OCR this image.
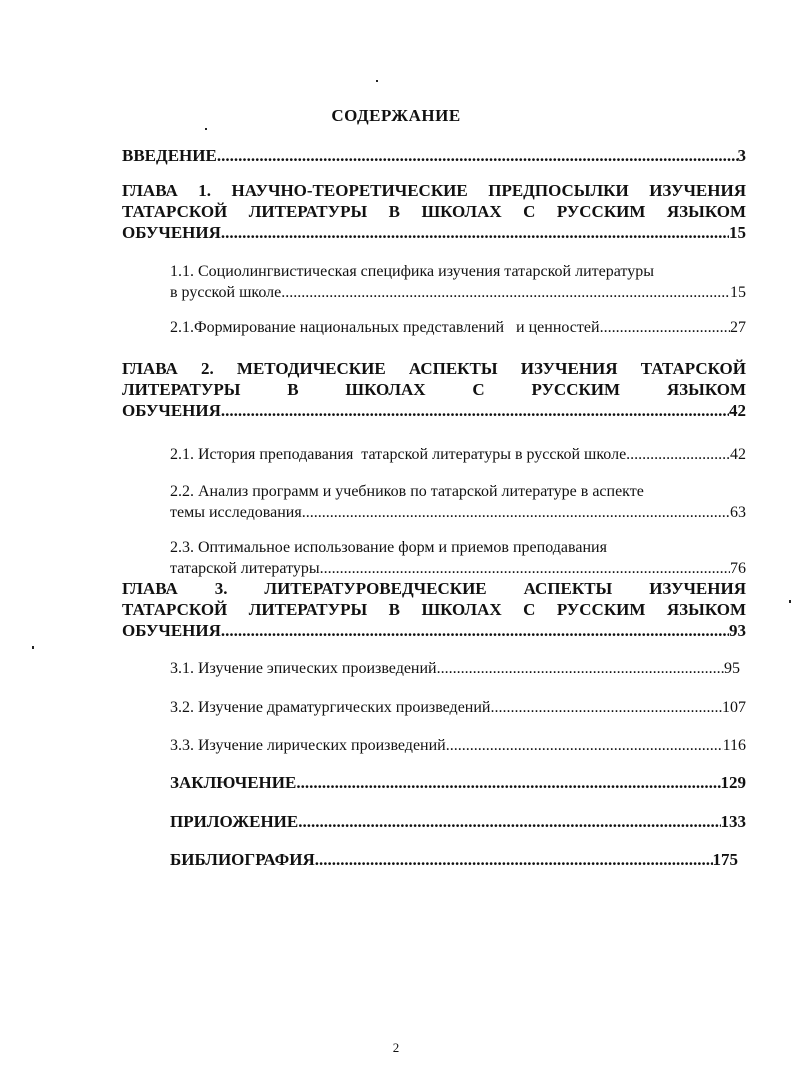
СОДЕРЖАНИЕ
ВВЕДЕНИЕ .....	3
ГЛАВА 1. НАУЧНО-ТЕОРЕТИЧЕСКИЕ ПРЕДПОСЫЛКИ ИЗУЧЕНИЯ
ТАТАРСКОЙ ЛИТЕРАТУРЫ В ШКОЛАХ С РУССКИМ ЯЗЫКОМ
ОБУЧЕНИЯ .....	15
1.1. Социолингвистическая специфика изучения татарской литературы
в русской школе .....	15
2.1.Формирование национальных представлений   и ценностей .....	27
ГЛАВА 2. МЕТОДИЧЕСКИЕ АСПЕКТЫ ИЗУЧЕНИЯ ТАТАРСКОЙ
ЛИТЕРАТУРЫ В ШКОЛАХ С РУССКИМ ЯЗЫКОМ
ОБУЧЕНИЯ .....	42
2.1. История преподавания  татарской литературы в русской школе .....	42
2.2. Анализ программ и учебников по татарской литературе в аспекте
темы исследования .....	63
2.3. Оптимальное использование форм и приемов преподавания
татарской литературы .....	76
ГЛАВА 3. ЛИТЕРАТУРОВЕДЧЕСКИЕ АСПЕКТЫ ИЗУЧЕНИЯ
ТАТАРСКОЙ ЛИТЕРАТУРЫ В ШКОЛАХ С РУССКИМ ЯЗЫКОМ
ОБУЧЕНИЯ .....	93
3.1. Изучение эпических произведений .....	95
3.2. Изучение драматургических произведений .....	107
3.3. Изучение лирических произведений .....	116
ЗАКЛЮЧЕНИЕ .....	129
ПРИЛОЖЕНИЕ .....	133
БИБЛИОГРАФИЯ .....	175
2
